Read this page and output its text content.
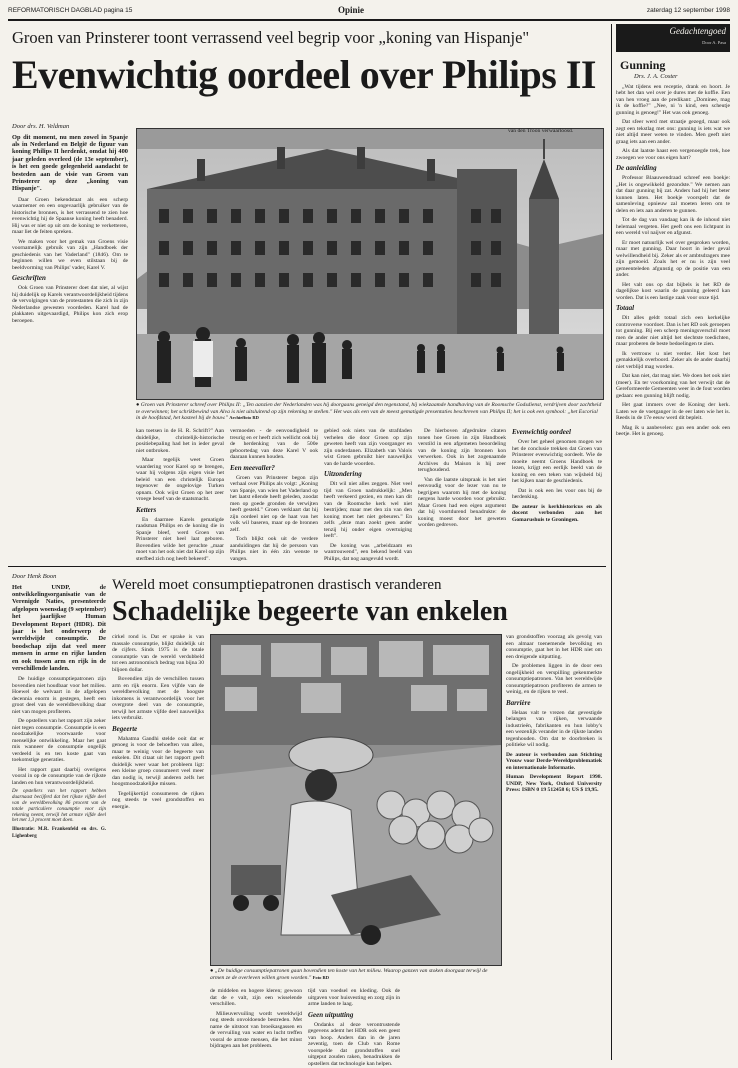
REFORMATORISCH DAGBLAD pagina 15	Opinie	zaterdag 12 september 1998
Groen van Prinsterer toont verrassend veel begrip voor „koning van Hispanje"
Evenwichtig oordeel over Philips II
Door drs. H. Veldman
Op dit moment, nu men zowel in Spanje als in Nederland en België de figuur van koning Philips II herdenkt, omdat hij 400 jaar geleden overleed (de 13e september), is het een goede gelegenheid aandacht te besteden aan de visie van Groen van Prinsterer op deze „koning van Hispanje".

Daar Groen bekendstaat als een scherp waarnemer en een ongevaarlijk gebruiker van de historische bronnen, is het verrassend te zien hoe evenwichtig hij de Spaanse koning heeft benaderd. Hij was er niet op uit om de koning te verketteren, maar liet de feiten spreken.

We maken voor het gemak van Groens visie voornamelijk gebruik van zijn „Handboek der geschiedenis van het Vaderland" (1846). Om te beginnen willen we even stilstaan bij de beeldvorming van Philips' vader, Karel V.

Geschriften

Ook Groen van Prinsterer doet dat niet, al wijst hij duidelijk op Karels verantwoordelijkheid tijdens de vervolgingen van de protestanten die zich in zijn Nederlandse gewesten voordeden. Karel had de plakkaten uitgevaardigd, Philips kon zich erop beroepen.

● Groen van Prinsterer schreef over Philips II: „Ten aanzien der Nederlanden was hij doorgaans geneigd den tegenstand, hij wiekzaamde handhaving van de Roomsche Godsdienst, verdrijven door zachtheid te overwinnen; het schrikbewind van Alva is niet uitsluitend op zijn rekening te stellen." Het was als een van de meest gematigde presentaties beschreven van Philips II; het is ook een symbool: „het Escorial in de hoofdstad, het kasteel bij de bouw." Archieffoto RD

kan toetsen in de H. R. Schrift?" Aan duidelijke, christelijk-historische positiebepaling had het in ieder geval niet ontbroken.

Maar tegelijk weet Groen waardering voor Karel op te brengen, waar hij volgens zijn eigen visie het beleid van een christelijk Europa tegenover de ongelovige Turken opnam. Ook wijst Groen op het zeer vroege besef van de staatsmacht.

Ketters

En daarmee Karels gematigde raadsman Philips en de koning die in Spanje bleef, werd Groen van Prinsterer niet heel laat geboren. Bovendien wilde het geruchte „maar moet van het ook niet dat Karel op zijn sterfbed zich nog heeft bekeerd".

vermoeden - de eenvoudigheid te treurig en er heeft zich wellicht ook bij de herdenking van de 500e geboortedag van deze Karel V ook daaraan kunnen houden.

Een meevaller?

Groen van Prinsterer begon zijn verhaal over Philips als volgt: „Koning van Spanje, van wien het Vaderland op het laatst ellende heeft geleden, zoodat men op goede gronden de verwijten heeft gesteld." Groen verklaart dat hij zijn oordeel niet op de haat van het volk wil baseren, maar op de bronnen zelf.

Toch blijkt ook uit de verdere aanduidingen dat hij de persoon van Philips niet in één zin wenste te vangen.

gebied ook niets van de strafdaden verhelen die door Groen op zijn geweten heeft van zijn voorganger en zijn onderdanen. Elizabeth van Valois wist Groen gebruikt hier nauwelijks van de harde woorden.

Uitzondering

Dit wil niet alles zeggen. Niet veel tijd van Groen nadrukkelijk: „Men heeft verkeerd gezien, en men kan dit van de Roomsche kerk wel niet bestrijden; maar met den zin van den koning moet het niet gebeuren." En zelfs „deze man zoekt geen ander tenzij hij onder eigen overtuiging leeft".

De koning was „arbeidzaam en wantrouwend", een bekend beeld van Philips, dat nog aangevuld wordt.

van den Troon verwaarloosd.

De hierboven afgedrukte citaten tonen hoe Groen in zijn Handboek verstild in een afgemeten beoordeling van de koning zijn bronnen kon verwerken. Ook in het zogenaamde Archives du Maison is hij zeer terughoudend.

Van die laatste uitspraak is het niet eenvoudig voor de lezer van nu te begrijpen waarom hij met de koning nergens harde woorden voor gebruikt. Maar Groen had een eigen argument dat hij voortdurend benadrukte: de koning moest door het geweten worden gedreven.

Evenwichtig oordeel

Over het geheel genomen mogen we het de conclusie trekken dat Groen van Prinsterer evenwichtig oordeelt. Wie de moeite neemt Groens Handboek te lezen, krijgt een eerlijk beeld van de koning en een teken van wijsheid bij het kijken naar de geschiedenis.

Dat is ook een les voor ons bij de herdenking.

De auteur is kerkhistoricus en als docent verbonden aan het Gomarushuis te Groningen.

Wereld moet consumptiepatronen drastisch veranderen
Schadelijke begeerte van enkelen
Door Henk Boon
Het UNDP, de ontwikkelingsorganisatie van de Verenigde Naties, presenteerde afgelopen woensdag (9 september) het jaarlijkse Human Development Report (HDR). Dit jaar is het onderwerp de wereldwijde consumptie. De boodschap zijn dat veel meer mensen in arme en rijke landen en ook tussen arm en rijk in de verschillende landen.

De huidige consumptiepatronen zijn bovendien niet houdbaar voor het milieu. Hoewel de welvaart in de afgelopen decennia enorm is gestegen, heeft een groot deel van de wereldbevolking daar niet van mogen profiteren.

De opstellers van het rapport zijn zeker niet tegen consumptie. Consumptie is een noodzakelijke voorwaarde voor menselijke ontwikkeling. Maar het gaat mis wanneer de consumptie ongelijk verdeeld is en ten koste gaat van toekomstige generaties.

Het rapport gaat daarbij overigens vooral in op de consumptie van de rijkste landen en hun verantwoordelijkheid.

De opstellers van het rapport hebben daarnaast becijferd dat het rijkste vijfde deel van de wereldbevolking 86 procent van de totale particuliere consumptie voor zijn rekening neemt, terwijl het armste vijfde deel het met 1,3 procent moet doen.

Illustratie: M.R. Frankenfeld en drs. G. Lighenberg

cirkel rond is. Dat er sprake is van massale consumptie, blijkt duidelijk uit de cijfers. Sinds 1975 is de totale consumptie van de wereld verdubbeld tot een astronomisch bedrag van bijna 30 biljoen dollar.

Bovendien zijn de verschillen tussen arm en rijk enorm. Een vijfde van de wereldbevolking met de hoogste inkomens is verantwoordelijk voor het overgrote deel van de consumptie, terwijl het armste vijfde deel nauwelijks iets verbruikt.

Begeerte

Mahatma Gandhi stelde ooit dat er genoeg is voor de behoeften van allen, maar te weinig voor de begeerte van enkelen. Dit citaat uit het rapport geeft duidelijk weer waar het probleem ligt: een kleine groep consumeert veel meer dan nodig is, terwijl anderen zelfs het hoogstnoodzakelijke missen.

Tegelijkertijd consumeren de rijken nog steeds te veel grondstoffen en energie.

● „De huidige consumptiepatronen gaan bovendien ten koste van het milieu. Waarop ganzen van stoken doorgaat terwijl de armen ze de overleven willen groen worden." Foto RD

de middelen en hogere kleren; gewoon dat de e valt, zijn een wisselende verschillen.

Milieuvervuiling wordt wereldwijd nog steeds onvoldoende bestreden. Met name de uitstoot van broeikasgassen en de vervuiling van water en lucht treffen vooral de armste mensen, die het minst bijdragen aan het probleem.

tijd van voedsel en kleding. Ook de uitgaven voor huisvesting en zorg zijn in arme landen te laag.

Geen uitputting

Ondanks al deze verontrustende gegevens ademt het HDR ook een geest van hoop. Anders dan in de jaren zeventig, toen de Club van Rome voorspelde dat grondstoffen snel uitgeput zouden raken, benadrukken de opstellers dat technologie kan helpen.

van grondstoffen voorzag als gevolg van een almaar toenemende bevolking en consumptie, gaat het in het HDR niet om een dreigende uitputting.

De problemen liggen in de door een ongelijkheid en verspilling gekenmerkte consumptiepatronen. Van het wereldwijde consumptiepatroon profiteren de armen te weinig, en de rijken te veel.

Barrière

Helaas valt te vrezen dat gevestigde belangen van rijken, verwaande industrieën, fabrikanten en hun lobby's een wezenlijk verander in de rijkste landen tegenhouden. Om dat te doorbreken is politieke wil nodig.

De auteur is verbonden aan Stichting Vrouw voor Derde-Wereldproblematiek en internationale Informatie.

Human Development Report 1998. UNDP, New York, Oxford University Press: ISBN 0 19 512458 6; US $ 19,95.

Gedachtengoed
Door A. Pasa
Gunning
Drs. J. A. Coster

„Wat tijdens een receptie, drank en hoort. Je hebt het dan wel over je dures met de koffie. Een van hen vroeg aan de predikant: „Dominee, mag ik de koffie?" „Nee, ni 'n kind, een scheutje gunning is genoeg!" Het was ook genoeg.

Dat sfeer werd met straatje gezegd, maar ook zegt een tekstlag met ons: gunning is iets wat we niet altijd meer weten te vinden. Men geeft niet graag iets aan een ander.

Als dat laatste haast een vergenoegde trek, hoe zwoegen we voor ons eigen hart?

De aanleiding

Professor Blaauwendraad schreef een boekje: „Het is ongewikkeld gezondste." We nemen aan dat daar gunning bij zat. Anders had hij het beter kunnen laten. Het boekje voorspelt dat de samenleving opnieuw zal moeten leren om te delen en iets aan anderen te gunnen.

Tot de dag van vandaag kan ik de inhoud niet helemaal vergeten. Het geeft ons een lichtpunt in een wereld vol naijver en afgunst.

Er moet natuurlijk wel over gesproken worden, maar met gunning. Daar hoort in ieder geval welwillendheid bij. Zeker als er ambtsdragers mee zijn gemoeid. Zoals het er nu is zijn veel gemeenteleden afgunstig op de positie van een ander.

Het valt ons op dat bijbels is het RD de dagelijkse kost waarin de gunning geleerd kan worden. Dat is een lastige zaak voor onze tijd.

Totaal

Dit alles geldt totaal zich een kerkelijke controverse voordoet. Dan is het RD ook geroepen tot gunning. Bij een scherp meningsverschil moet men de ander niet altijd het slechtste toedichten, maar proberen de beste bedoelingen te zien.

Ik vertrouw u niet verder. Het kost het gemakkelijk overboord. Zeker als de ander daarbij niet verblijd mag worden.

Dat kan niet, dat mag niet. We doen het ook niet (meer). En ter voorkoming van het verwijt dat de Gereformeerde Gemeenten weer in de fout worden gedaan: een gunning blijft nodig.

Het gaat immers over de Koning der kerk. Laten we de voetganger in de eer laten wie het is. Reeds in de 17e eeuw werd dit bepleit.

Mag ik u aanbevelen: gun een ander ook een beetje. Het is genoeg.
